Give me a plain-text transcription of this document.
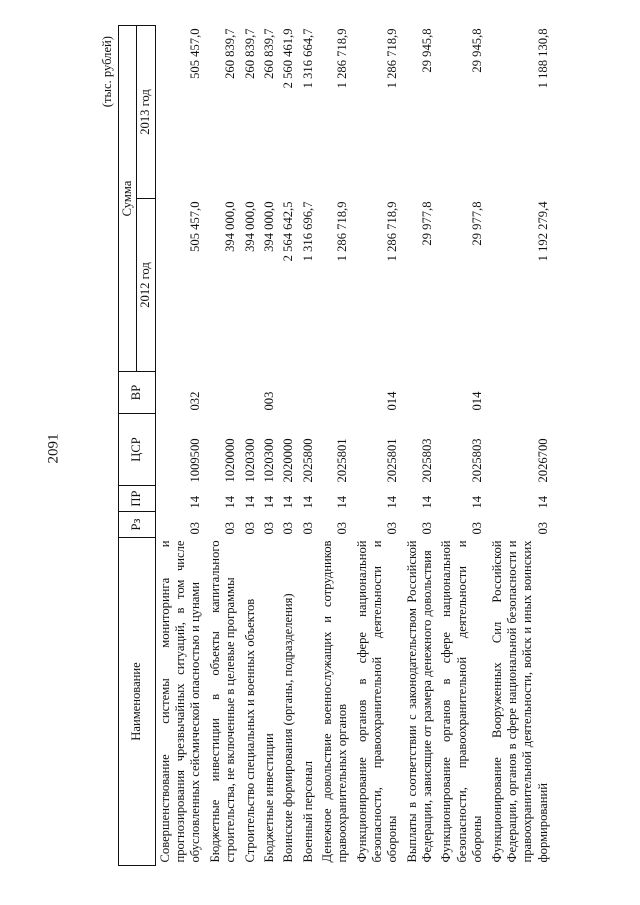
2091
(тыс. рублей)
Наименование	Рз	ПР	ЦСР	ВР	Сумма	
					2012 год	2013 год
Совершенствование системы мониторинга и прогнозирования чрезвычайных ситуаций, в том числе обусловленных сейсмической опасностью и цунами	03	14	1009500	032	505 457,0	505 457,0
Бюджетные инвестиции в объекты капитального строительства, не включенные в целевые программы	03	14	1020000		394 000,0	260 839,7
Строительство специальных и военных объектов	03	14	1020300		394 000,0	260 839,7
Бюджетные инвестиции	03	14	1020300	003	394 000,0	260 839,7
Воинские формирования (органы, подразделения)	03	14	2020000		2 564 642,5	2 560 461,9
Военный персонал	03	14	2025800		1 316 696,7	1 316 664,7
Денежное довольствие военнослужащих и сотрудников правоохранительных органов	03	14	2025801		1 286 718,9	1 286 718,9
Функционирование органов в сфере национальной безопасности, правоохранительной деятельности и обороны	03	14	2025801	014	1 286 718,9	1 286 718,9
Выплаты в соответствии с законодательством Российской Федерации, зависящие от размера денежного довольствия	03	14	2025803		29 977,8	29 945,8
Функционирование органов в сфере национальной безопасности, правоохранительной деятельности и обороны	03	14	2025803	014	29 977,8	29 945,8
Функционирование Вооруженных Сил Российской Федерации, органов в сфере национальной безопасности и правоохранительной деятельности, войск и иных воинских формирований	03	14	2026700		1 192 279,4	1 188 130,8
